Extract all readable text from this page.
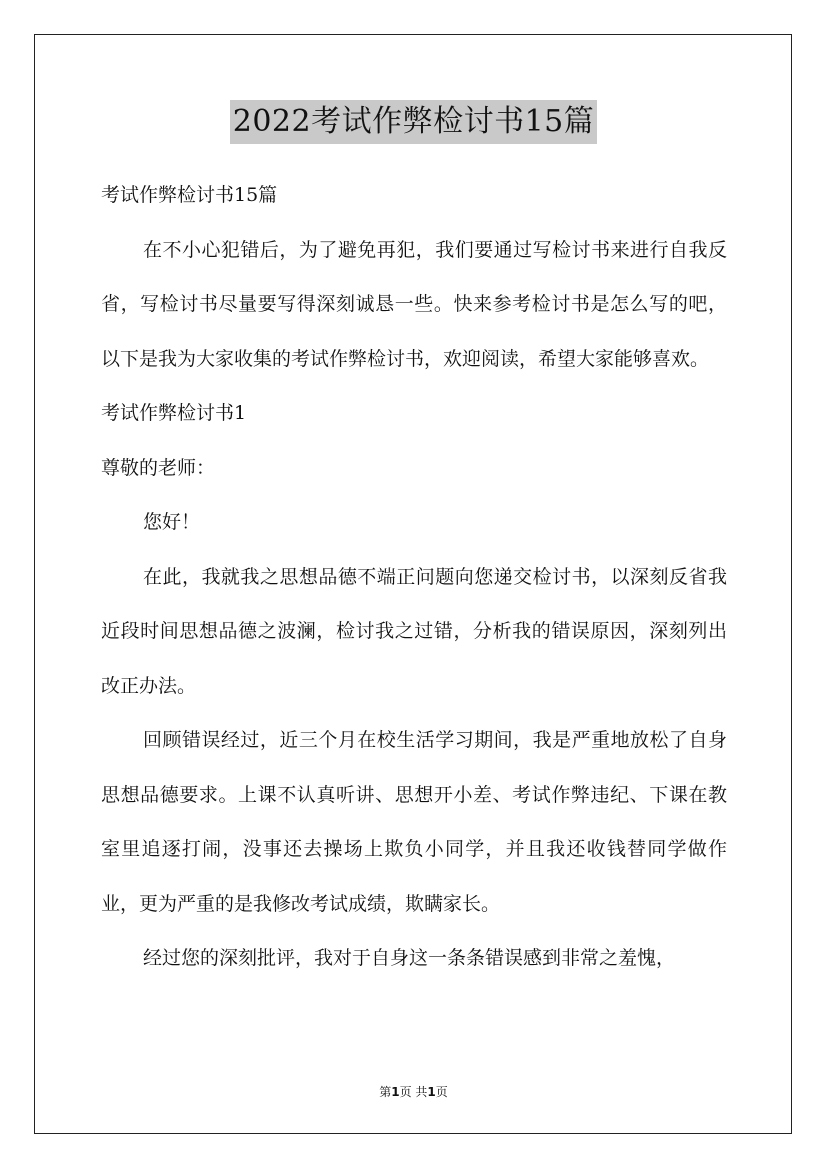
2022考试作弊检讨书15篇

考试作弊检讨书15篇

在不小心犯错后，为了避免再犯，我们要通过写检讨书来进行自我反省，写检讨书尽量要写得深刻诚恳一些。快来参考检讨书是怎么写的吧，以下是我为大家收集的考试作弊检讨书，欢迎阅读，希望大家能够喜欢。

考试作弊检讨书1

尊敬的老师：

您好！

在此，我就我之思想品德不端正问题向您递交检讨书，以深刻反省我近段时间思想品德之波澜，检讨我之过错，分析我的错误原因，深刻列出改正办法。

回顾错误经过，近三个月在校生活学习期间，我是严重地放松了自身思想品德要求。上课不认真听讲、思想开小差、考试作弊违纪、下课在教室里追逐打闹，没事还去操场上欺负小同学，并且我还收钱替同学做作业，更为严重的是我修改考试成绩，欺瞒家长。

经过您的深刻批评，我对于自身这一条条错误感到非常之羞愧，

第1页 共1页
